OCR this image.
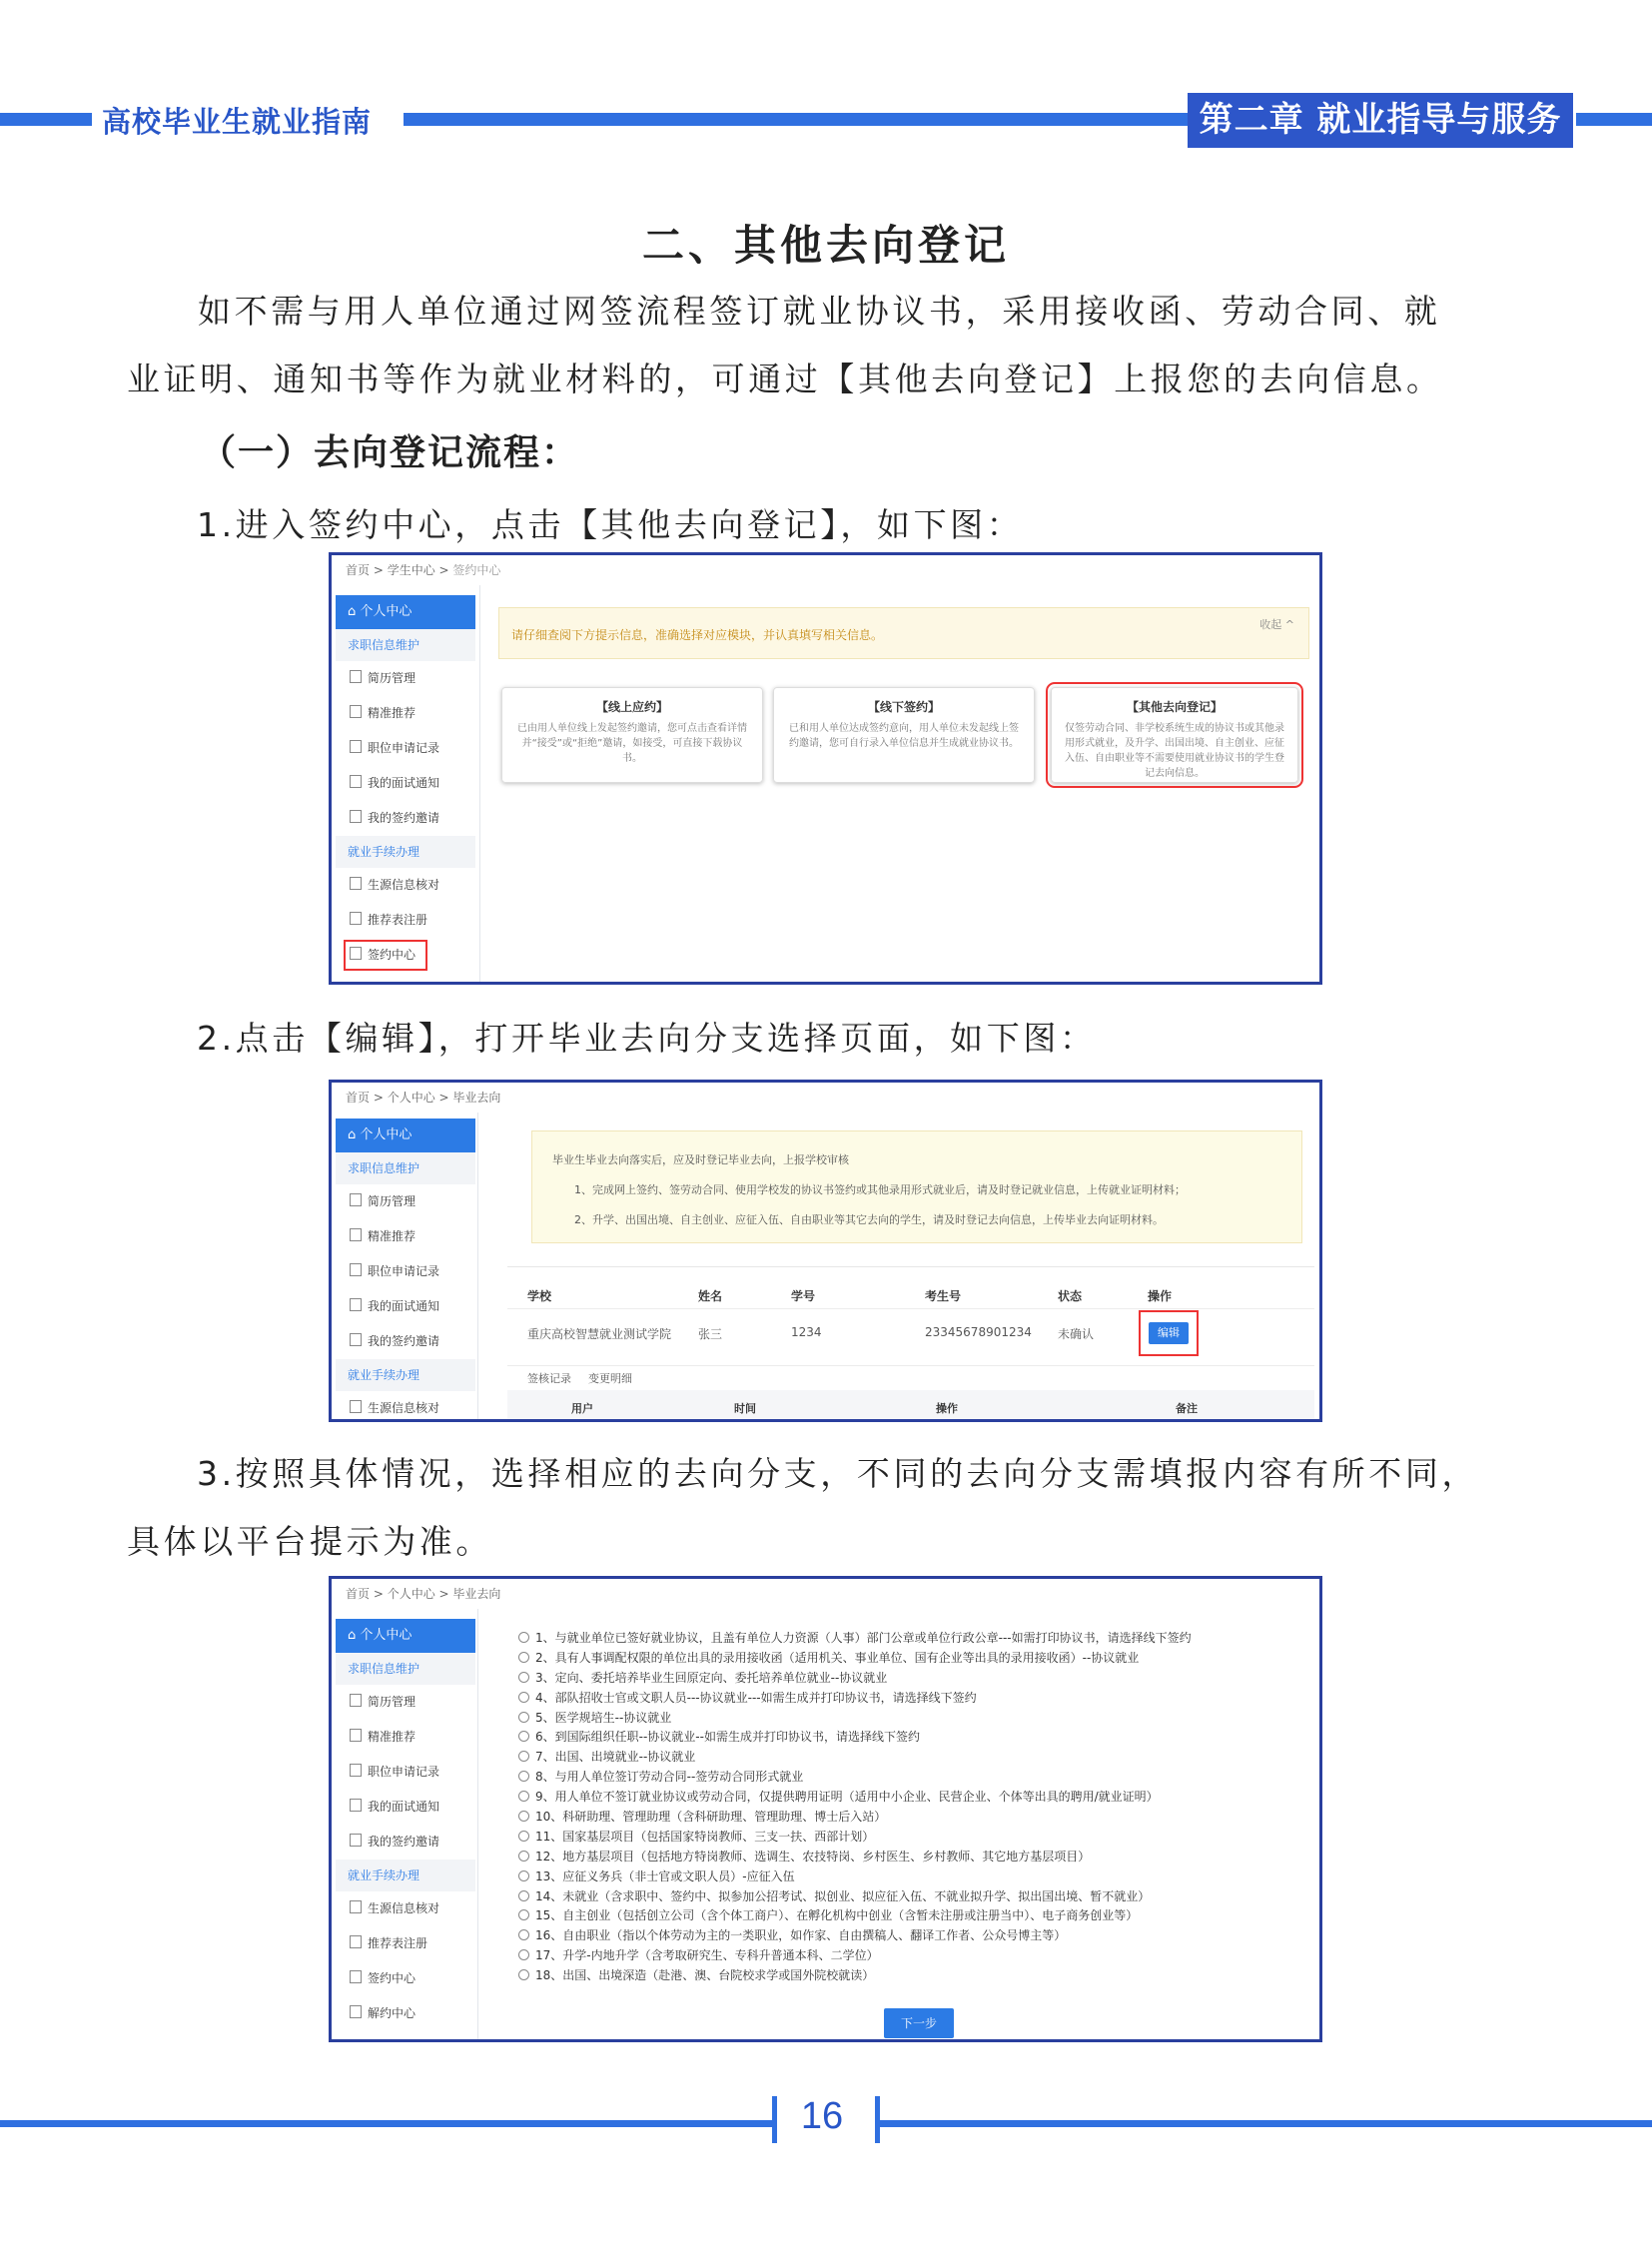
高校毕业生就业指南	第二章 就业指导与服务
二、其他去向登记
如不需与用人单位通过网签流程签订就业协议书，采用接收函、劳动合同、就
业证明、通知书等作为就业材料的，可通过【其他去向登记】上报您的去向信息。
（一）去向登记流程：
1.进入签约中心，点击【其他去向登记】，如下图：
首页 > 学生中心 > 签约中心
⌂ 个人中心
求职信息维护
简历管理
精准推荐
职位申请记录
我的面试通知
我的签约邀请
就业手续办理
生源信息核对
推荐表注册
签约中心
请仔细查阅下方提示信息，准确选择对应模块，并认真填写相关信息。
收起 ^
【线上应约】
已由用人单位线上发起签约邀请，您可点击查看详情并“接受”或“拒绝”邀请，如接受，可直接下载协议书。
【线下签约】
已和用人单位达成签约意向，用人单位未发起线上签约邀请，您可自行录入单位信息并生成就业协议书。
【其他去向登记】
仅签劳动合同、非学校系统生成的协议书或其他录用形式就业，及升学、出国出境、自主创业、应征入伍、自由职业等不需要使用就业协议书的学生登记去向信息。
2.点击【编辑】，打开毕业去向分支选择页面，如下图：
首页 > 个人中心 > 毕业去向
⌂ 个人中心
求职信息维护
简历管理
精准推荐
职位申请记录
我的面试通知
我的签约邀请
就业手续办理
生源信息核对
毕业生毕业去向落实后，应及时登记毕业去向，上报学校审核
1、完成网上签约、签劳动合同、使用学校发的协议书签约或其他录用形式就业后，请及时登记就业信息，上传就业证明材料；
2、升学、出国出境、自主创业、应征入伍、自由职业等其它去向的学生，请及时登记去向信息，上传毕业去向证明材料。
学校	姓名	学号	考生号	状态	操作
重庆高校智慧就业测试学院 张三	1234	23345678901234 未确认	编辑
签核记录 变更明细
用户	时间	操作	备注
3.按照具体情况，选择相应的去向分支，不同的去向分支需填报内容有所不同，
具体以平台提示为准。
首页 > 个人中心 > 毕业去向
⌂ 个人中心
求职信息维护
简历管理
精准推荐
职位申请记录
我的面试通知
我的签约邀请
就业手续办理
生源信息核对
推荐表注册
签约中心
解约中心
1、与就业单位已签好就业协议，且盖有单位人力资源（人事）部门公章或单位行政公章---如需打印协议书，请选择线下签约
2、具有人事调配权限的单位出具的录用接收函（适用机关、事业单位、国有企业等出具的录用接收函）--协议就业
3、定向、委托培养毕业生回原定向、委托培养单位就业--协议就业
4、部队招收士官或文职人员---协议就业---如需生成并打印协议书，请选择线下签约
5、医学规培生--协议就业
6、到国际组织任职--协议就业--如需生成并打印协议书，请选择线下签约
7、出国、出境就业--协议就业
8、与用人单位签订劳动合同--签劳动合同形式就业
9、用人单位不签订就业协议或劳动合同，仅提供聘用证明（适用中小企业、民营企业、个体等出具的聘用/就业证明）
10、科研助理、管理助理（含科研助理、管理助理、博士后入站）
11、国家基层项目（包括国家特岗教师、三支一扶、西部计划）
12、地方基层项目（包括地方特岗教师、选调生、农技特岗、乡村医生、乡村教师、其它地方基层项目）
13、应征义务兵（非士官或文职人员）-应征入伍
14、未就业（含求职中、签约中、拟参加公招考试、拟创业、拟应征入伍、不就业拟升学、拟出国出境、暂不就业）
15、自主创业（包括创立公司（含个体工商户）、在孵化机构中创业（含暂未注册或注册当中）、电子商务创业等）
16、自由职业（指以个体劳动为主的一类职业，如作家、自由撰稿人、翻译工作者、公众号博主等）
17、升学-内地升学（含考取研究生、专科升普通本科、二学位）
18、出国、出境深造（赴港、澳、台院校求学或国外院校就读）
下一步
16
